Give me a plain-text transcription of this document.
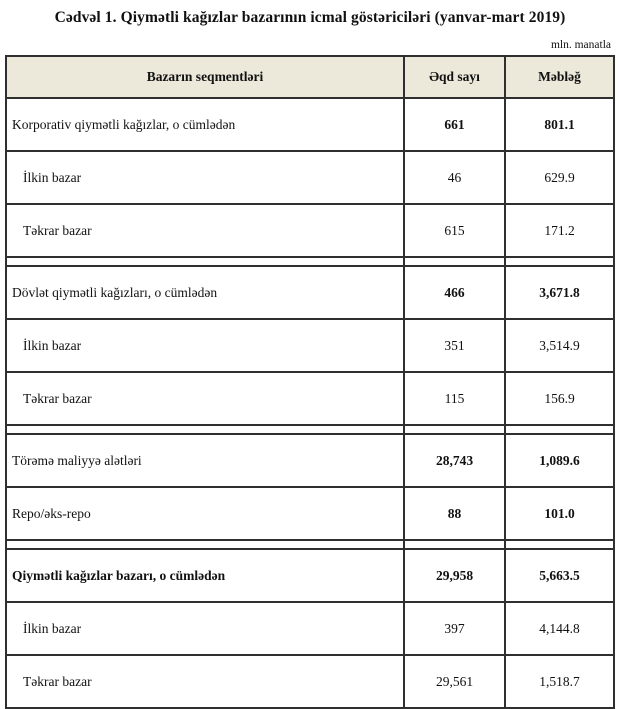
Cədvəl 1. Qiymətli kağızlar bazarının icmal göstəriciləri (yanvar-mart 2019)
mln. manatla
Bazarın seqmentləri	Əqd sayı	Məbləğ
Korporativ qiymətli kağızlar, o cümlədən	661	801.1
İlkin bazar	46	629.9
Təkrar bazar	615	171.2

Dövlət qiymətli kağızları, o cümlədən	466	3,671.8
İlkin bazar	351	3,514.9
Təkrar bazar	115	156.9

Törəmə maliyyə alətləri	28,743	1,089.6
Repo/əks-repo	88	101.0

Qiymətli kağızlar bazarı, o cümlədən	29,958	5,663.5
İlkin bazar	397	4,144.8
Təkrar bazar	29,561	1,518.7
